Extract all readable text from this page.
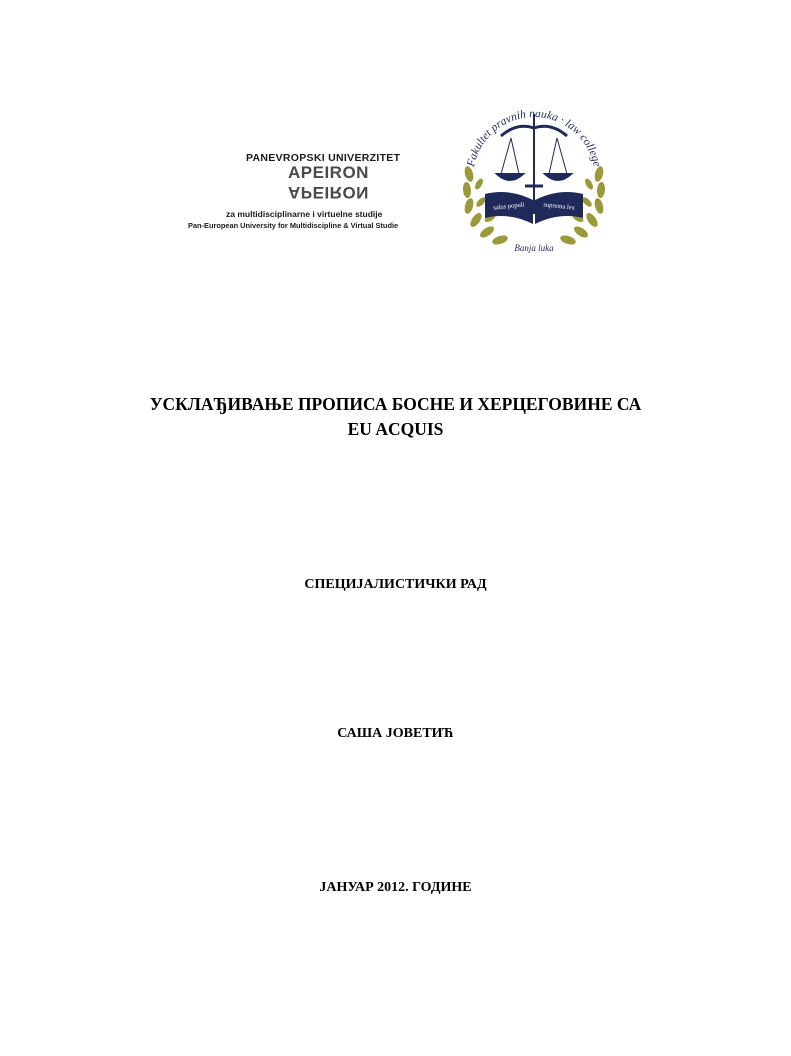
PANEVROPSKI UNIVERZITET
APEIRON
APEIRON
za multidisciplinarne i virtuelne studije
Pan-European University for Multidiscipline & Virtual Studie
Fakultet pravnih nauka · law college
salus populi	suprema lex
Banja luka
УСКЛАЂИВАЊЕ ПРОПИСА БОСНЕ И ХЕРЦЕГОВИНЕ СА
EU ACQUIS
СПЕЦИЈАЛИСТИЧКИ РАД
САША ЈОВЕТИЋ
ЈАНУАР 2012. ГОДИНЕ
